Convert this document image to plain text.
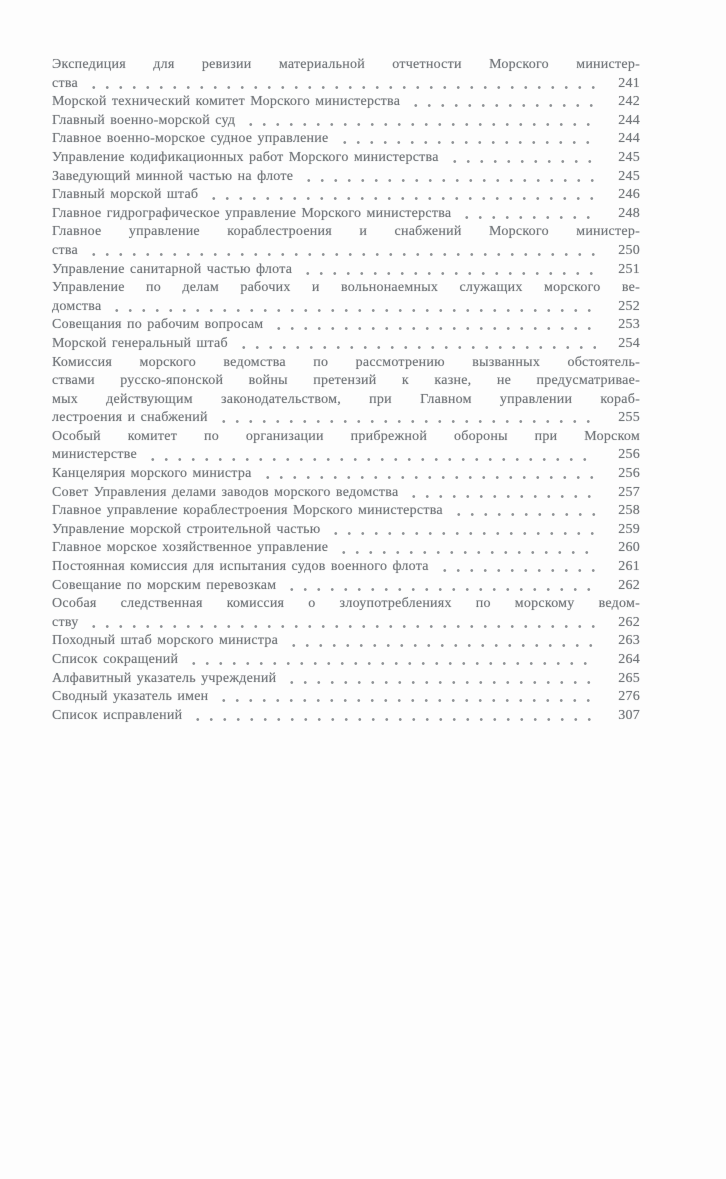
Экспедиция для ревизии материальной отчетности Морского министер-
ства	241
Морской технический комитет Морского министерства	242
Главный военно-морской суд	244
Главное военно-морское судное управление	244
Управление кодификационных работ Морского министерства	245
Заведующий минной частью на флоте	245
Главный морской штаб	246
Главное гидрографическое управление Морского министерства	248
Главное управление кораблестроения и снабжений Морского министер-
ства	250
Управление санитарной частью флота	251
Управление по делам рабочих и вольнонаемных служащих морского ве-
домства	252
Совещания по рабочим вопросам	253
Морской генеральный штаб	254
Комиссия морского ведомства по рассмотрению вызванных обстоятель-
ствами русско-японской войны претензий к казне, не предусматривае-
мых действующим законодательством, при Главном управлении кораб-
лестроения и снабжений	255
Особый комитет по организации прибрежной обороны при Морском
министерстве	256
Канцелярия морского министра	256
Совет Управления делами заводов морского ведомства	257
Главное управление кораблестроения Морского министерства	258
Управление морской строительной частью	259
Главное морское хозяйственное управление	260
Постоянная комиссия для испытания судов военного флота	261
Совещание по морским перевозкам	262
Особая следственная комиссия о злоупотреблениях по морскому ведом-
ству	262
Походный штаб морского министра	263
Список сокращений	264
Алфавитный указатель учреждений	265
Сводный указатель имен	276
Список исправлений	307
